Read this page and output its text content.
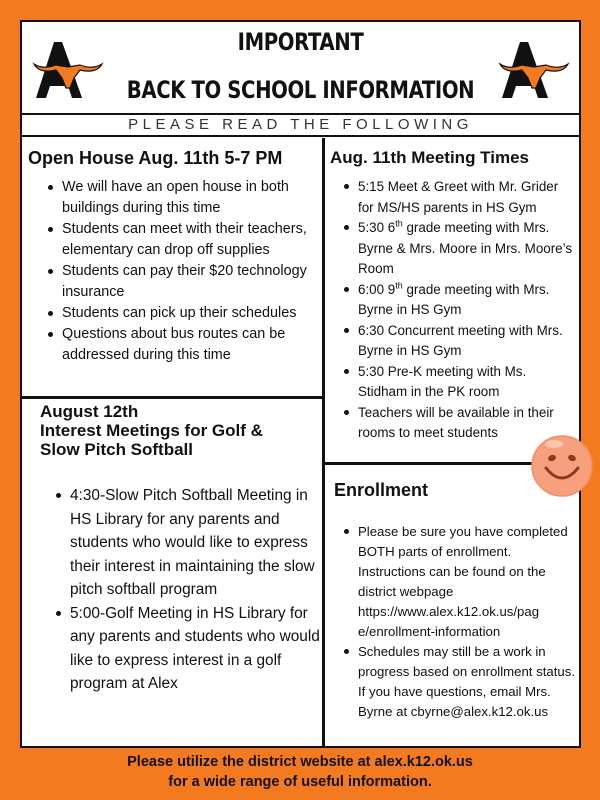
IMPORTANT
BACK TO SCHOOL INFORMATION
PLEASE READ THE FOLLOWING
Open House Aug. 11th 5-7 PM
We will have an open house in both buildings during this time
Students can meet with their teachers, elementary can drop off supplies
Students can pay their $20 technology insurance
Students can pick up their schedules
Questions about bus routes can be addressed during this time
Aug. 11th Meeting Times
5:15 Meet & Greet with Mr. Grider for MS/HS parents in HS Gym
5:30 6th grade meeting with Mrs. Byrne & Mrs. Moore in Mrs. Moore’s Room
6:00 9th grade meeting with Mrs. Byrne in HS Gym
6:30 Concurrent meeting with Mrs. Byrne in HS Gym
5:30 Pre-K meeting with Ms. Stidham in the PK room
Teachers will be available in their rooms to meet students
August 12th
Interest Meetings for Golf &
Slow Pitch Softball
4:30-Slow Pitch Softball Meeting in HS Library for any parents and students who would like to express their interest in maintaining the slow pitch softball program
5:00-Golf Meeting in HS Library for any parents and students who would like to express interest in a golf program at Alex
Enrollment
Please be sure you have completed BOTH parts of enrollment. Instructions can be found on the district webpage https://www.alex.k12.ok.us/pag e/enrollment-information
Schedules may still be a work in progress based on enrollment status. If you have questions, email Mrs. Byrne at cbyrne@alex.k12.ok.us
Please utilize the district website at alex.k12.ok.us
for a wide range of useful information.
